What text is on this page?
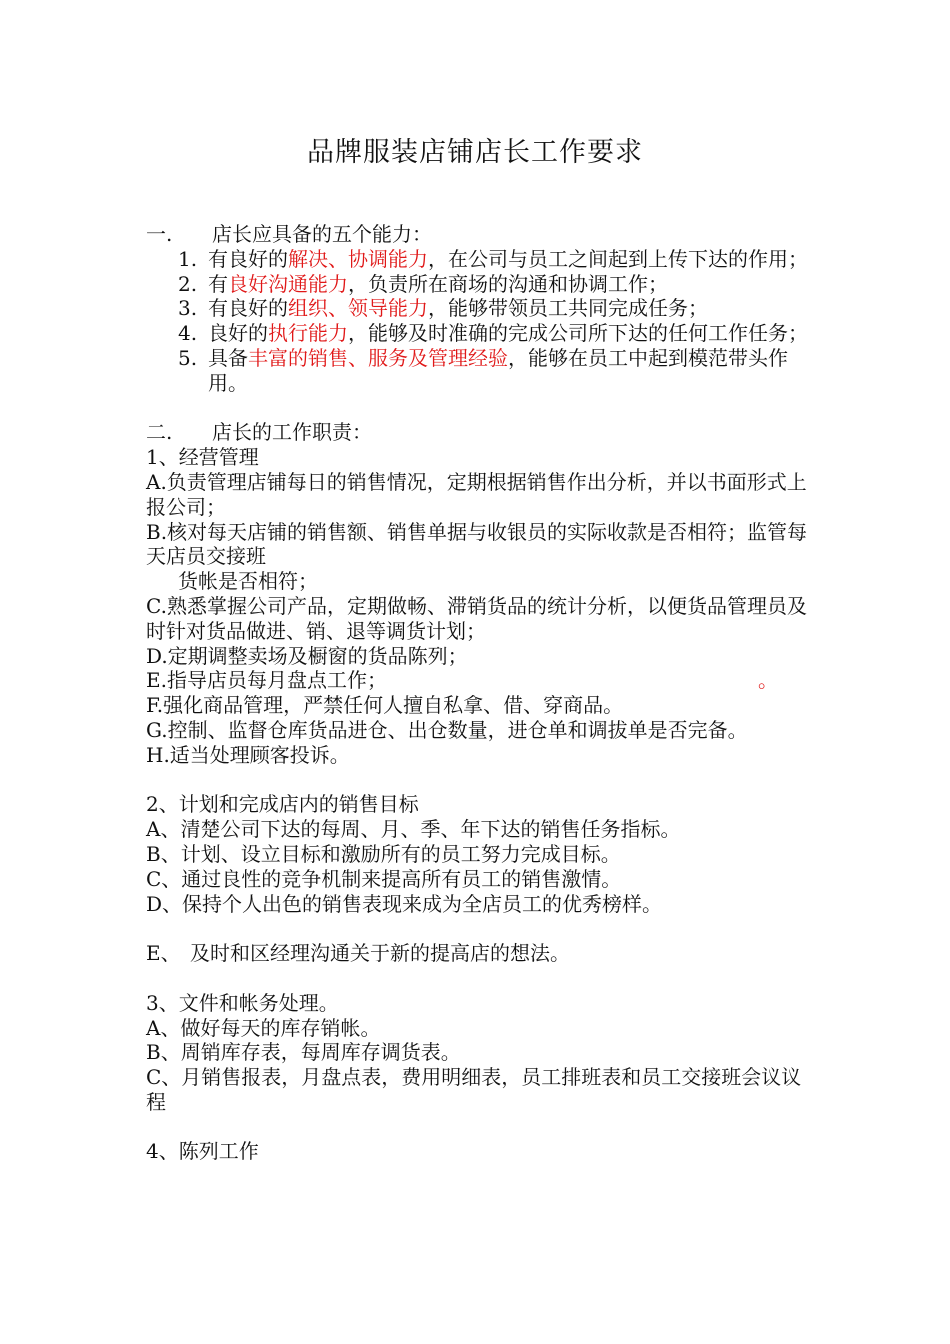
品牌服装店铺店长工作要求
一.	店长应具备的五个能力：
1. 有良好的解决、协调能力，在公司与员工之间起到上传下达的作用；
2. 有良好沟通能力，负责所在商场的沟通和协调工作；
3. 有良好的组织、领导能力，能够带领员工共同完成任务；
4. 良好的执行能力，能够及时准确的完成公司所下达的任何工作任务；
5. 具备丰富的销售、服务及管理经验，能够在员工中起到模范带头作用。
二.	店长的工作职责：
1、经营管理
A.负责管理店铺每日的销售情况，定期根据销售作出分析，并以书面形式上报公司；
B.核对每天店铺的销售额、销售单据与收银员的实际收款是否相符；监管每天店员交接班
货帐是否相符；
C.熟悉掌握公司产品，定期做畅、滞销货品的统计分析，以便货品管理员及时针对货品做进、销、退等调货计划；
D.定期调整卖场及橱窗的货品陈列；
E.指导店员每月盘点工作；	。
F.强化商品管理，严禁任何人擅自私拿、借、穿商品。
G.控制、监督仓库货品进仓、出仓数量，进仓单和调拔单是否完备。
H.适当处理顾客投诉。
2、计划和完成店内的销售目标
A、清楚公司下达的每周、月、季、年下达的销售任务指标。
B、计划、设立目标和激励所有的员工努力完成目标。
C、通过良性的竞争机制来提高所有员工的销售激情。
D、保持个人出色的销售表现来成为全店员工的优秀榜样。
E、 及时和区经理沟通关于新的提高店的想法。
3、文件和帐务处理。
A、做好每天的库存销帐。
B、周销库存表，每周库存调货表。
C、月销售报表，月盘点表，费用明细表，员工排班表和员工交接班会议议程
4、陈列工作
